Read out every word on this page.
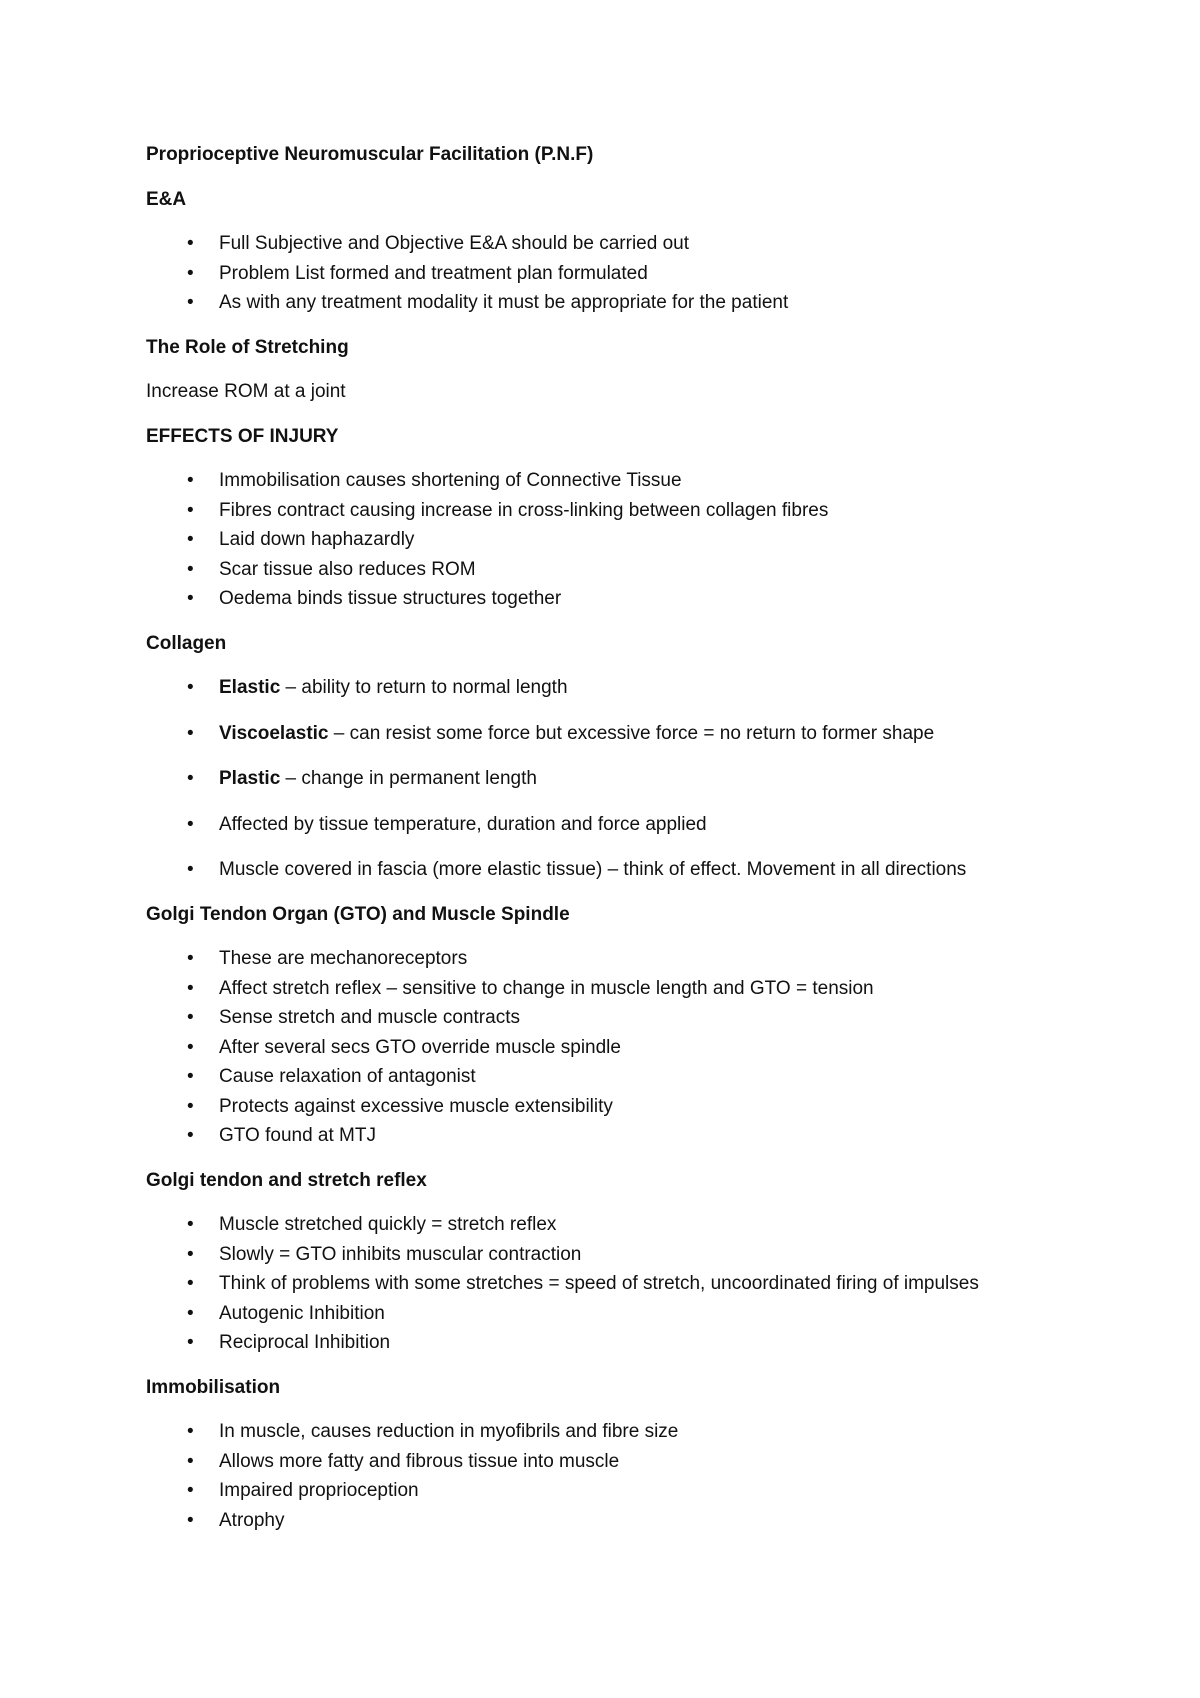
Proprioceptive Neuromuscular Facilitation (P.N.F)
E&A
• Full Subjective and Objective E&A should be carried out
• Problem List formed and treatment plan formulated
• As with any treatment modality it must be appropriate for the patient
The Role of Stretching
Increase ROM at a joint
EFFECTS OF INJURY
• Immobilisation causes shortening of Connective Tissue
• Fibres contract causing increase in cross-linking between collagen fibres
• Laid down haphazardly
• Scar tissue also reduces ROM
• Oedema binds tissue structures together
Collagen
• Elastic – ability to return to normal length
• Viscoelastic – can resist some force but excessive force = no return to former shape
• Plastic – change in permanent length
• Affected by tissue temperature, duration and force applied
• Muscle covered in fascia (more elastic tissue) – think of effect. Movement in all directions
Golgi Tendon Organ (GTO) and Muscle Spindle
• These are mechanoreceptors
• Affect stretch reflex – sensitive to change in muscle length and GTO = tension
• Sense stretch and muscle contracts
• After several secs GTO override muscle spindle
• Cause relaxation of antagonist
• Protects against excessive muscle extensibility
• GTO found at MTJ
Golgi tendon and stretch reflex
• Muscle stretched quickly = stretch reflex
• Slowly = GTO inhibits muscular contraction
• Think of problems with some stretches = speed of stretch, uncoordinated firing of impulses
• Autogenic Inhibition
• Reciprocal Inhibition
Immobilisation
• In muscle, causes reduction in myofibrils and fibre size
• Allows more fatty and fibrous tissue into muscle
• Impaired proprioception
• Atrophy
